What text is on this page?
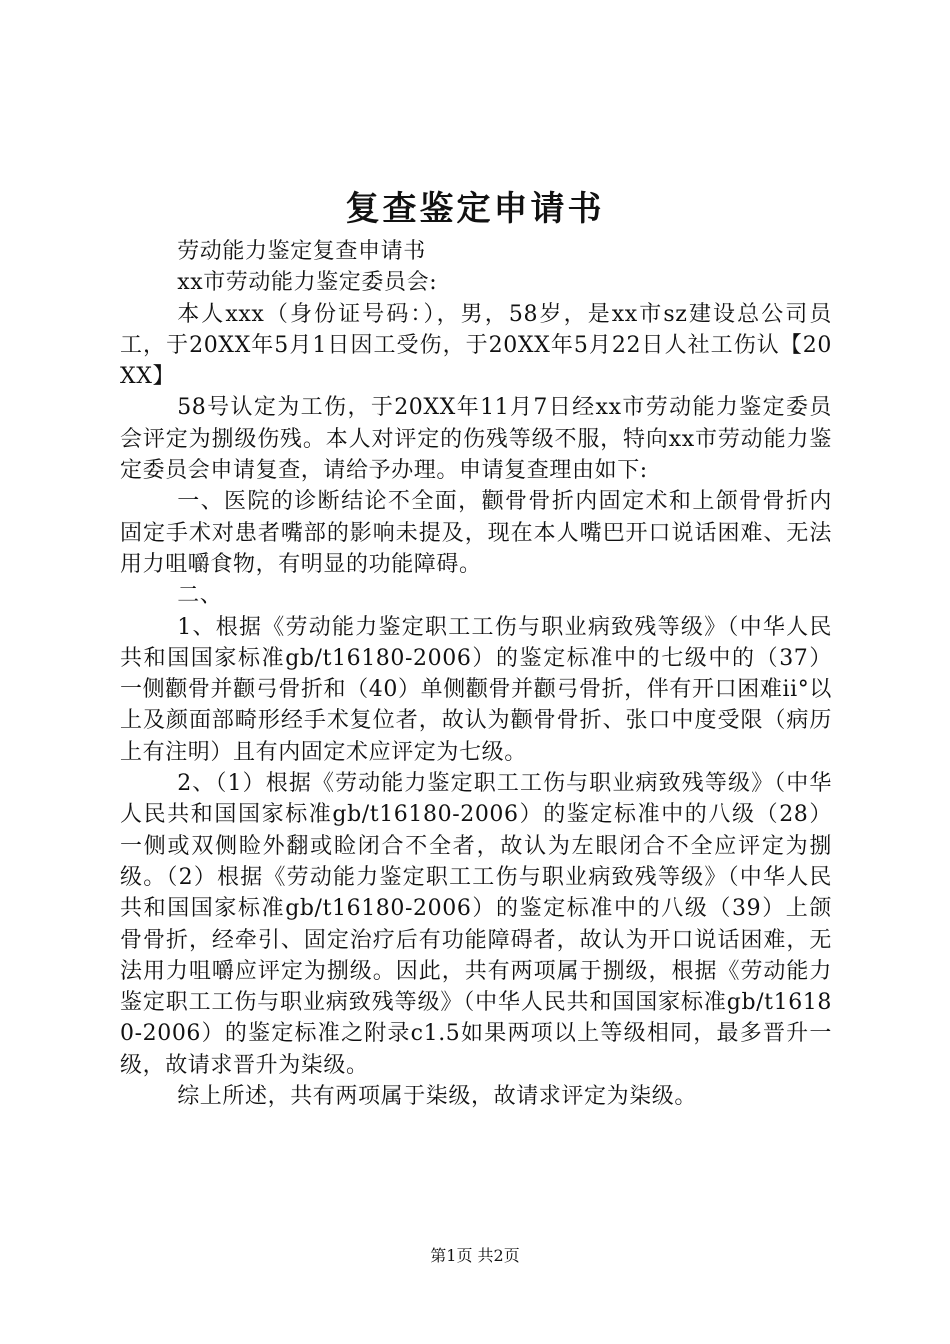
复查鉴定申请书

劳动能力鉴定复查申请书

xx市劳动能力鉴定委员会:

本人xxx（身份证号码：），男，58岁，是xx市sz建设总公司员工，于20XX年5月1日因工受伤，于20XX年5月22日人社工伤认【20XX】

58号认定为工伤，于20XX年11月7日经xx市劳动能力鉴定委员会评定为捌级伤残。本人对评定的伤残等级不服，特向xx市劳动能力鉴定委员会申请复查，请给予办理。申请复查理由如下:

一、医院的诊断结论不全面，颧骨骨折内固定术和上颌骨骨折内固定手术对患者嘴部的影响未提及，现在本人嘴巴开口说话困难、无法用力咀嚼食物，有明显的功能障碍。

二、

1、根据《劳动能力鉴定职工工伤与职业病致残等级》（中华人民共和国国家标准gb/t16180-2006）的鉴定标准中的七级中的（37）一侧颧骨并颧弓骨折和（40）单侧颧骨并颧弓骨折，伴有开口困难ii°以上及颜面部畸形经手术复位者，故认为颧骨骨折、张口中度受限（病历上有注明）且有内固定术应评定为七级。

2、（1）根据《劳动能力鉴定职工工伤与职业病致残等级》（中华人民共和国国家标准gb/t16180-2006）的鉴定标准中的八级（28）一侧或双侧睑外翻或睑闭合不全者，故认为左眼闭合不全应评定为捌级。（2）根据《劳动能力鉴定职工工伤与职业病致残等级》（中华人民共和国国家标准gb/t16180-2006）的鉴定标准中的八级（39）上颌骨骨折，经牵引、固定治疗后有功能障碍者，故认为开口说话困难，无法用力咀嚼应评定为捌级。因此，共有两项属于捌级，根据《劳动能力鉴定职工工伤与职业病致残等级》（中华人民共和国国家标准gb/t16180-2006）的鉴定标准之附录c1.5如果两项以上等级相同，最多晋升一级，故请求晋升为柒级。

综上所述，共有两项属于柒级，故请求评定为柒级。

第1页 共2页
